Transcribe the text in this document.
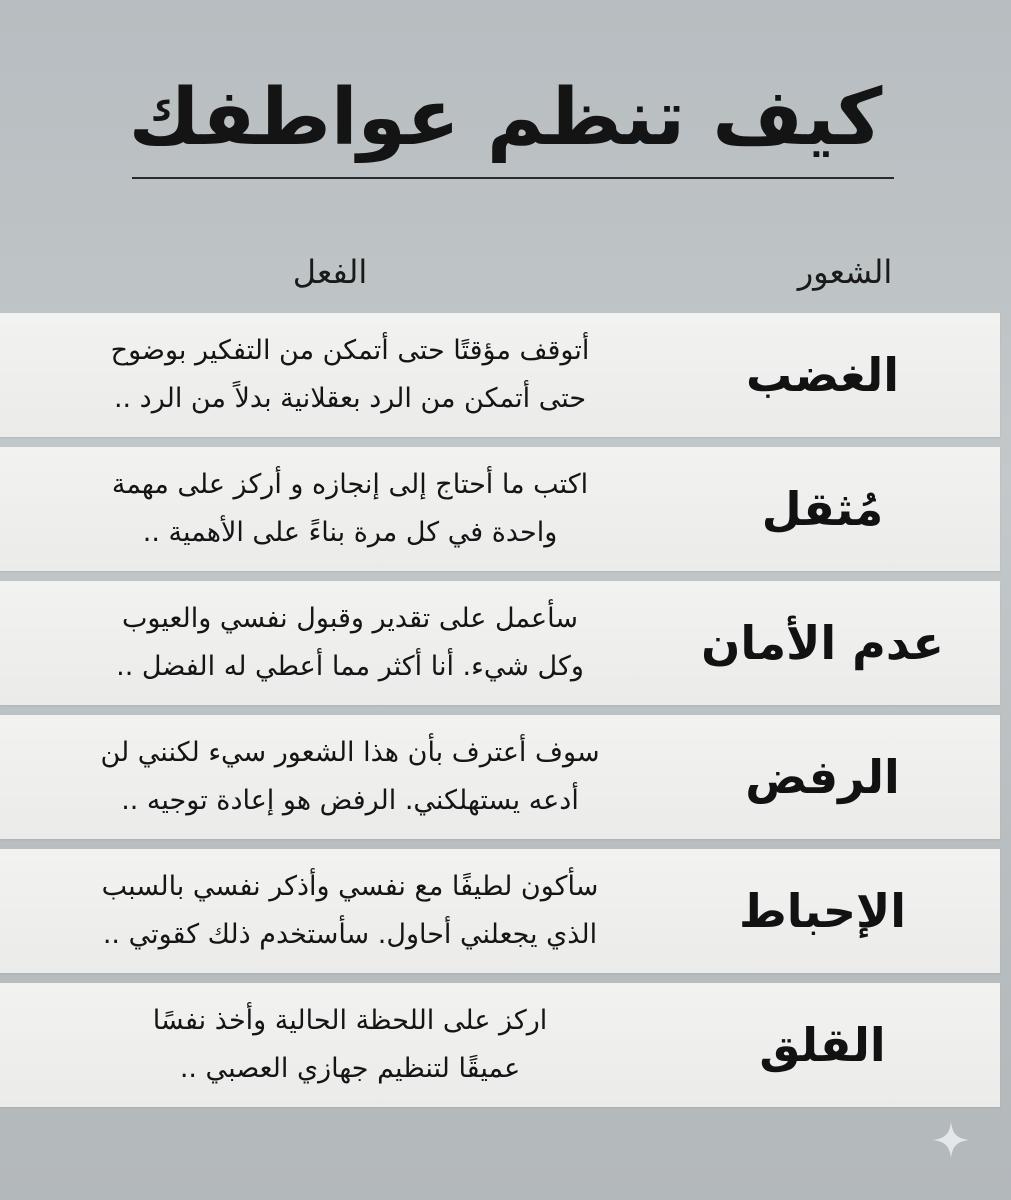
كيف تنظم عواطفك
الشعور
الفعل
الغضب
أتوقف مؤقتًا حتى أتمكن من التفكير بوضوح
حتى أتمكن من الرد بعقلانية بدلاً من الرد ..
مُثقل
اكتب ما أحتاج إلى إنجازه و أركز على مهمة
واحدة في كل مرة بناءً على الأهمية ..
عدم الأمان
سأعمل على تقدير وقبول نفسي والعيوب
وكل شيء. أنا أكثر مما أعطي له الفضل ..
الرفض
سوف أعترف بأن هذا الشعور سيء لكنني لن
أدعه يستهلكني. الرفض هو إعادة توجيه ..
الإحباط
سأكون لطيفًا مع نفسي وأذكر نفسي بالسبب
الذي يجعلني أحاول. سأستخدم ذلك كقوتي ..
القلق
اركز على اللحظة الحالية وأخذ نفسًا
عميقًا لتنظيم جهازي العصبي ..
